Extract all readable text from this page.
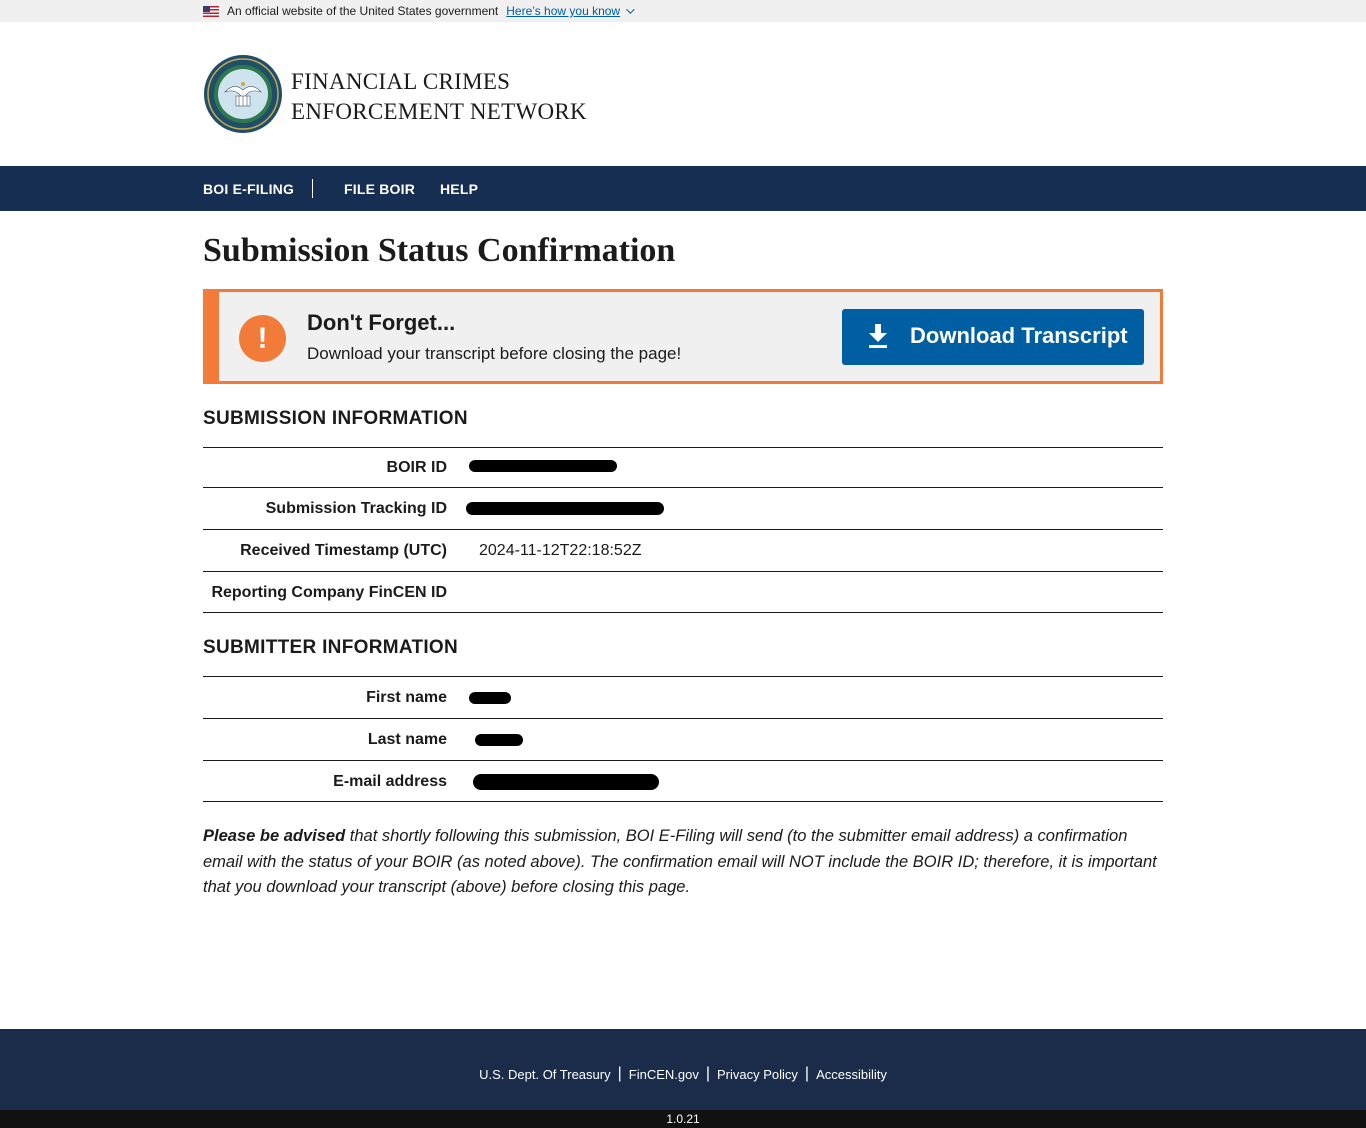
An official website of the United States government Here’s how you know
FINANCIAL CRIMES
ENFORCEMENT NETWORK
BOI E-FILING	FILE BOIR HELP
Submission Status Confirmation
!	Don't Forget...
Download your transcript before closing the page!
Download Transcript
SUBMISSION INFORMATION
BOIR ID
Submission Tracking ID
Received Timestamp (UTC) 2024-11-12T22:18:52Z
Reporting Company FinCEN ID
SUBMITTER INFORMATION
First name
Last name
E-mail address

Please be advised that shortly following this submission, BOI E-Filing will send (to the submitter email address) a confirmation email with the status of your BOIR (as noted above). The confirmation email will NOT include the BOIR ID; therefore, it is important that you download your transcript (above) before closing this page.

U.S. Dept. Of Treasury | FinCEN.gov | Privacy Policy | Accessibility
1.0.21
